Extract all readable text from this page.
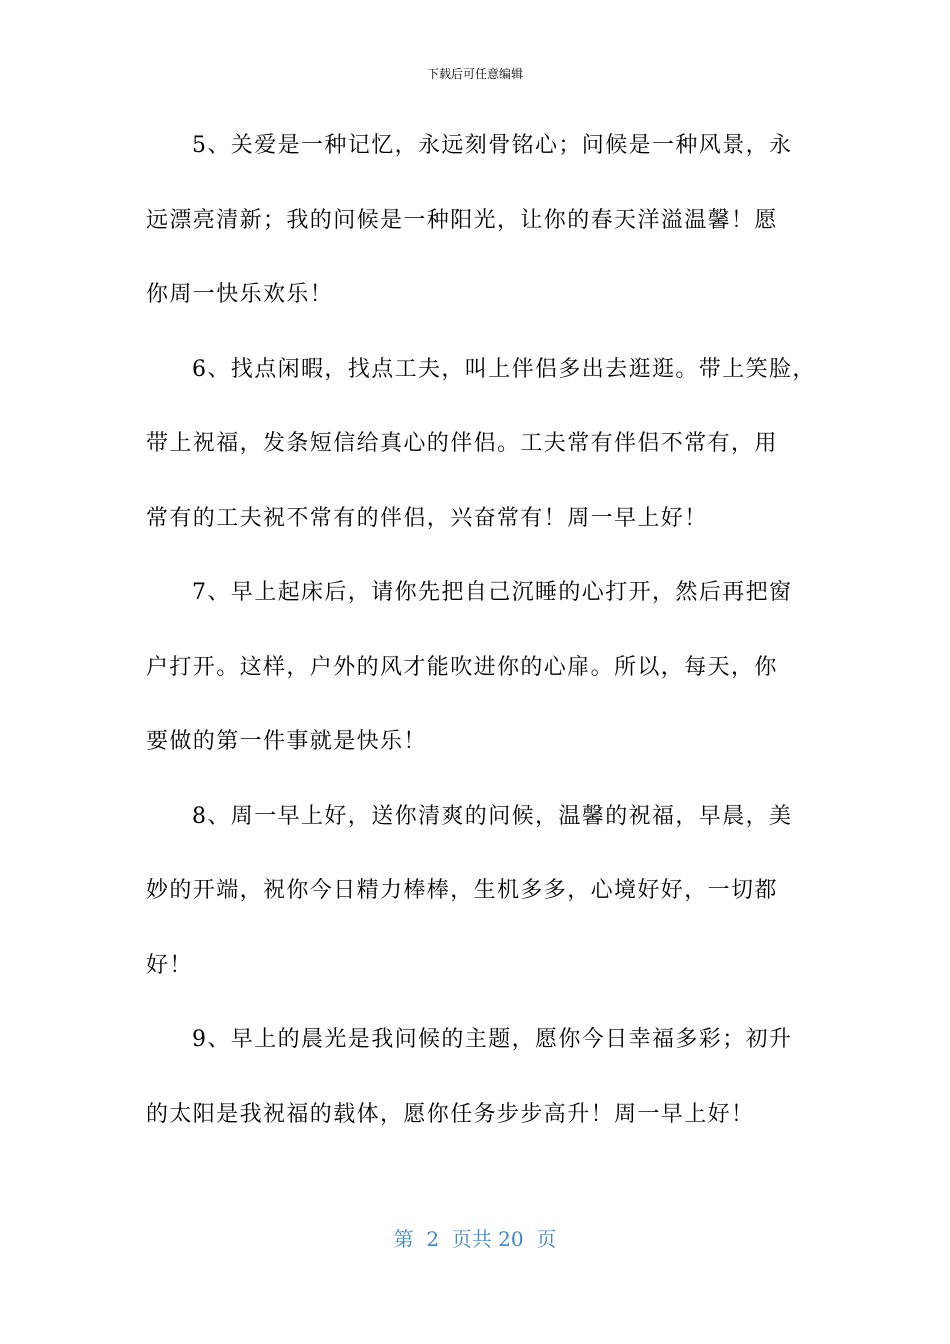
下载后可任意编辑

5、关爱是一种记忆，永远刻骨铭心；问候是一种风景，永
远漂亮清新；我的问候是一种阳光，让你的春天洋溢温馨！愿
你周一快乐欢乐！

6、找点闲暇，找点工夫，叫上伴侣多出去逛逛。带上笑脸，
带上祝福，发条短信给真心的伴侣。工夫常有伴侣不常有，用
常有的工夫祝不常有的伴侣，兴奋常有！周一早上好！

7、早上起床后，请你先把自己沉睡的心打开，然后再把窗
户打开。这样，户外的风才能吹进你的心扉。所以，每天，你
要做的第一件事就是快乐！

8、周一早上好，送你清爽的问候，温馨的祝福，早晨，美
妙的开端，祝你今日精力棒棒，生机多多，心境好好，一切都
好！

9、早上的晨光是我问候的主题，愿你今日幸福多彩；初升
的太阳是我祝福的载体，愿你任务步步高升！周一早上好！

第  2  页共 20  页
